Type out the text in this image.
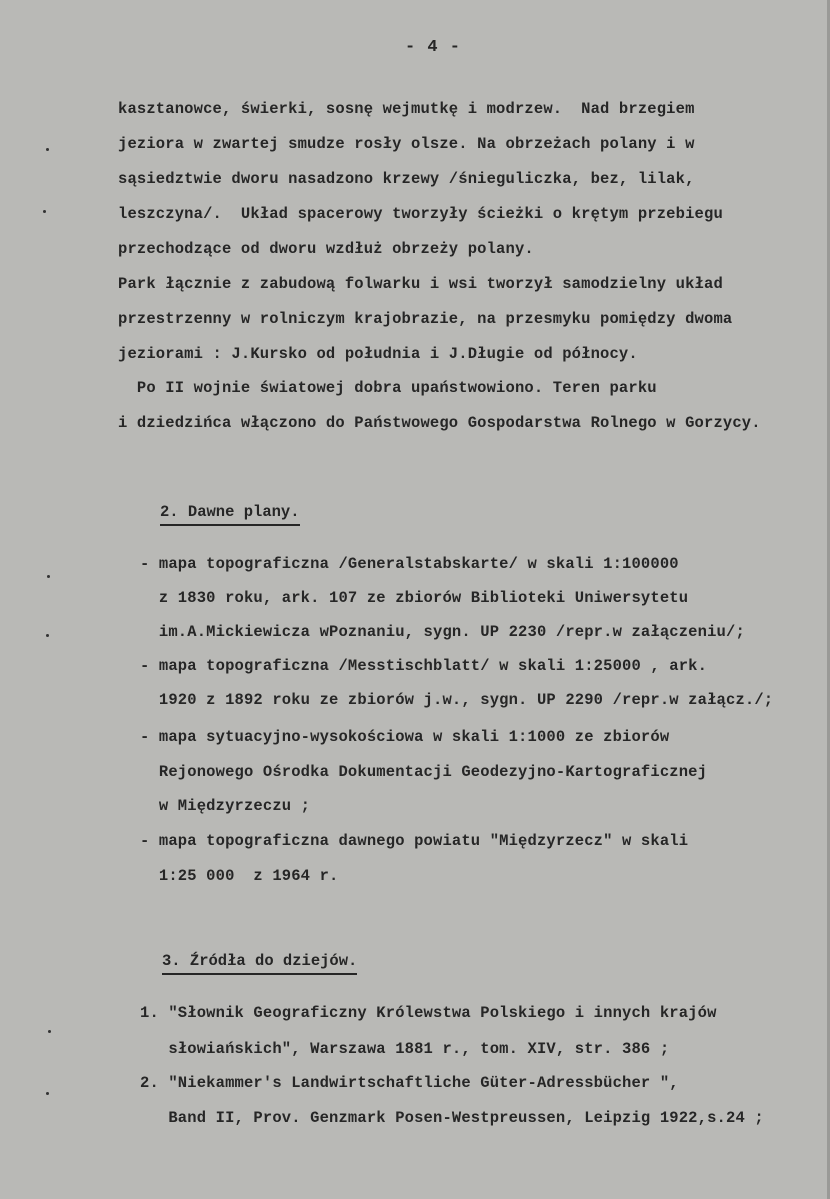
- 4 -
kasztanowce, świerki, sosnę wejmutkę i modrzew.  Nad brzegiem
jeziora w zwartej smudze rosły olsze. Na obrzeżach polany i w
sąsiedztwie dworu nasadzono krzewy /śnieguliczka, bez, lilak,
leszczyna/.  Układ spacerowy tworzyły ścieżki o krętym przebiegu
przechodzące od dworu wzdłuż obrzeży polany.
Park łącznie z zabudową folwarku i wsi tworzył samodzielny układ
przestrzenny w rolniczym krajobrazie, na przesmyku pomiędzy dwoma
jeziorami : J.Kursko od południa i J.Długie od północy.
Po II wojnie światowej dobra upaństwowiono. Teren parku
i dziedzińca włączono do Państwowego Gospodarstwa Rolnego w Gorzycy.
2. Dawne plany.
- mapa topograficzna /Generalstabskarte/ w skali 1:100000
z 1830 roku, ark. 107 ze zbiorów Biblioteki Uniwersytetu
im.A.Mickiewicza wPoznaniu, sygn. UP 2230 /repr.w załączeniu/;
- mapa topograficzna /Messtischblatt/ w skali 1:25000 , ark.
1920 z 1892 roku ze zbiorów j.w., sygn. UP 2290 /repr.w załącz./;
- mapa sytuacyjno-wysokościowa w skali 1:1000 ze zbiorów
Rejonowego Ośrodka Dokumentacji Geodezyjno-Kartograficznej
w Międzyrzeczu ;
- mapa topograficzna dawnego powiatu "Międzyrzecz" w skali
1:25 000  z 1964 r.
3. Źródła do dziejów.
1. "Słownik Geograficzny Królewstwa Polskiego i innych krajów
słowiańskich", Warszawa 1881 r., tom. XIV, str. 386 ;
2. "Niekammer's Landwirtschaftliche Güter-Adressbücher ",
Band II, Prov. Genzmark Posen-Westpreussen, Leipzig 1922,s.24 ;
